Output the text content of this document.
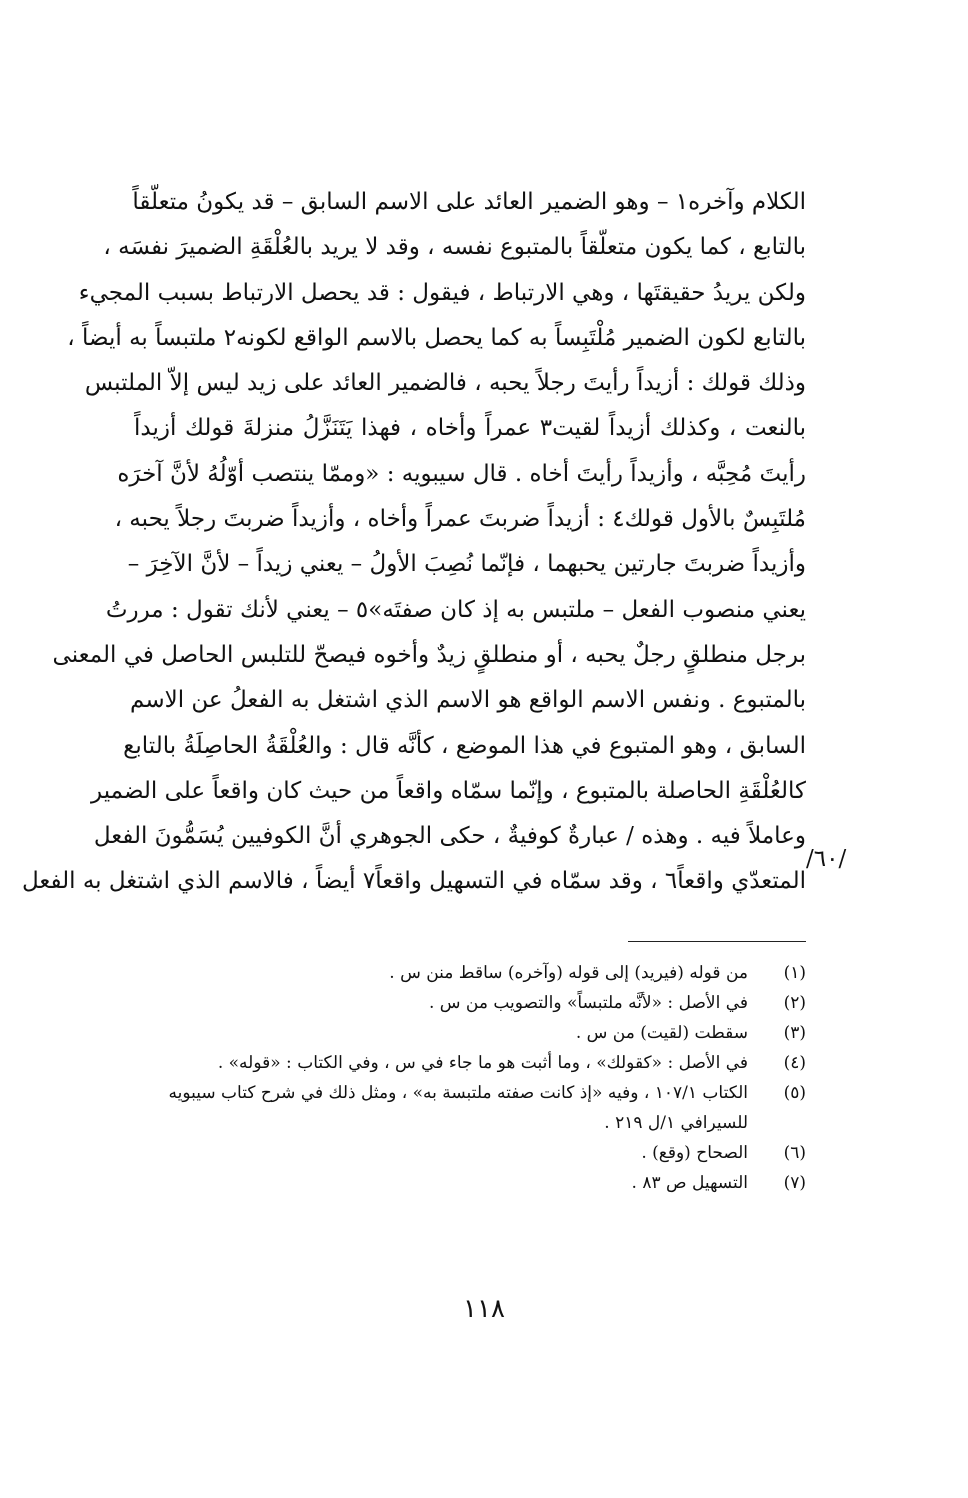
الكلام وآخره١ – وهو الضمير العائد على الاسم السابق – قد يكونُ متعلّقاً
بالتابع ، كما يكون متعلّقاً بالمتبوع نفسه ، وقد لا يريد بالعُلْقَةِ الضميرَ نفسَه ،
ولكن يريدُ حقيقتَها ، وهي الارتباط ، فيقول : قد يحصل الارتباط بسبب المجيء
بالتابع لكون الضمير مُلْتَبِساً به كما يحصل بالاسم الواقع لكونه٢ ملتبساً به أيضاً ،
وذلك قولك : أزيداً رأيتَ رجلاً يحبه ، فالضمير العائد على زيد ليس إلاّ الملتبس
بالنعت ، وكذلك أزيداً لقيت٣ عمراً وأخاه ، فهذا يَتَنَزَّلُ منزلةَ قولك أزيداً
رأيتَ مُحِبَّه ، وأزيداً رأيتَ أخاه . قال سيبويه : «وممّا ينتصب أوّلُهُ لأنَّ آخرَه
مُلتَبِسٌ بالأول قولك٤ : أزيداً ضربتَ عمراً وأخاه ، وأزيداً ضربتَ رجلاً يحبه ،
وأزيداً ضربتَ جارتين يحبهما ، فإنّما نُصِبَ الأولُ – يعني زيداً – لأنَّ الآخِرَ –
يعني منصوب الفعل – ملتبس به إذ كان صفتَه»٥ – يعني لأنك تقول : مررتُ
برجل منطلقٍ رجلٌ يحبه ، أو منطلقٍ زيدٌ وأخوه فيصحّ للتلبس الحاصل في المعنى
بالمتبوع . ونفس الاسم الواقع هو الاسم الذي اشتغل به الفعلُ عن الاسم
السابق ، وهو المتبوع في هذا الموضع ، كأنَّه قال : والعُلْقَةُ الحاصِلَةُ بالتابع
كالعُلْقَةِ الحاصلة بالمتبوع ، وإنّما سمّاه واقعاً من حيث كان واقعاً على الضمير
وعاملاً فيه . وهذه / عبارةٌ كوفيةٌ ، حكى الجوهري أنَّ الكوفيين يُسَمُّونَ الفعل
المتعدّي واقعاً٦ ، وقد سمّاه في التسهيل واقعاً٧ أيضاً ، فالاسم الذي اشتغل به الفعل
/٦٠/
(١)
من قوله (فيريد) إلى قوله (وآخره) ساقط منن س .
(٢)
في الأصل : «لأنَّه ملتبساً» والتصويب من س .
(٣)
سقطت (لقيت) من س .
(٤)
في الأصل : «كقولك» ، وما أثبت هو ما جاء في س ، وفي الكتاب : «قوله» .
(٥)
الكتاب ١٠٧/١ ، وفيه «إذ كانت صفته ملتبسة به» ، ومثل ذلك في شرح كتاب سيبويه
للسيرافي ١/ل ٢١٩ .
(٦)
الصحاح (وقع) .
(٧)
التسهيل ص ٨٣ .
١١٨
